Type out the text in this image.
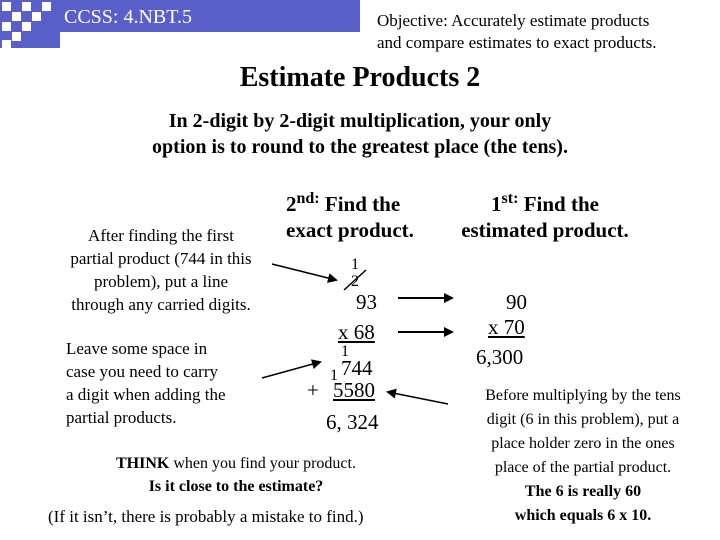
CCSS: 4.NBT.5	Objective: Accurately estimate products
and compare estimates to exact products.
Estimate Products 2
In 2-digit by 2-digit multiplication, your only
option is to round to the greatest place (the tens).
$2^{nd:}$ Find the
exact product.
$1^{st:}$ Find the
estimated product.
After finding the first
partial product (744 in this
problem), put a line
through any carried digits.
Leave some space in
case you need to carry
a digit when adding the
partial products.
1
2
93
x 68
1
1 744
+ 5580
6, 324
90
x 70
6,300
THINK when you find your product.
Is it close to the estimate?
(If it isn’t, there is probably a mistake to find.)
Before multiplying by the tens
digit (6 in this problem), put a
place holder zero in the ones
place of the partial product.
The 6 is really 60
which equals 6 x 10.
